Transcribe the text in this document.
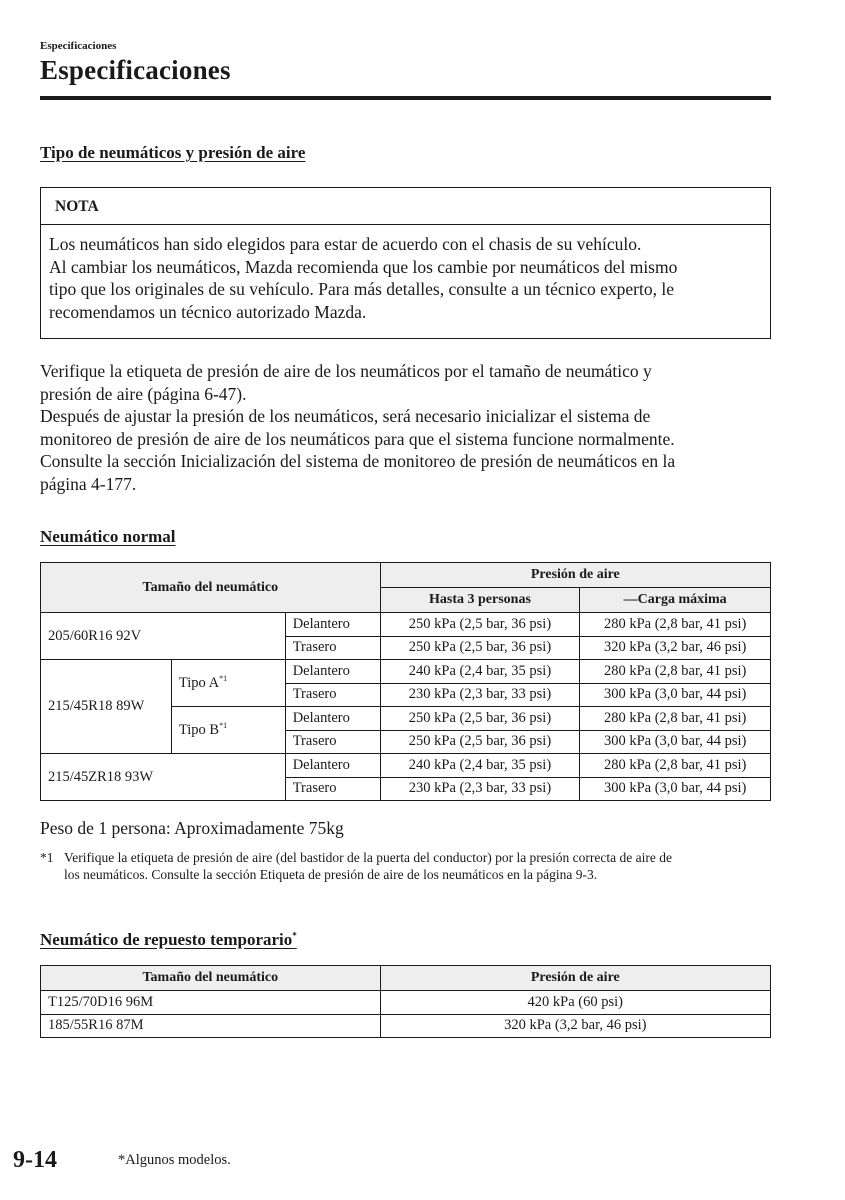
Especificaciones
Especificaciones
Tipo de neumáticos y presión de aire
NOTA
Los neumáticos han sido elegidos para estar de acuerdo con el chasis de su vehículo.
Al cambiar los neumáticos, Mazda recomienda que los cambie por neumáticos del mismo
tipo que los originales de su vehículo. Para más detalles, consulte a un técnico experto, le
recomendamos un técnico autorizado Mazda.
Verifique la etiqueta de presión de aire de los neumáticos por el tamaño de neumático y
presión de aire (página 6-47).
Después de ajustar la presión de los neumáticos, será necesario inicializar el sistema de
monitoreo de presión de aire de los neumáticos para que el sistema funcione normalmente.
Consulte la sección Inicialización del sistema de monitoreo de presión de neumáticos en la
página 4-177.
Neumático normal
Tamaño del neumático			Presión de aire	
			Hasta 3 personas	—Carga máxima
205/60R16 92V		Delantero	250 kPa (2,5 bar, 36 psi)	280 kPa (2,8 bar, 41 psi)
		Trasero	250 kPa (2,5 bar, 36 psi)	320 kPa (3,2 bar, 46 psi)
215/45R18 89W	Tipo A$^{*1}$	Delantero	240 kPa (2,4 bar, 35 psi)	280 kPa (2,8 bar, 41 psi)
		Trasero	230 kPa (2,3 bar, 33 psi)	300 kPa (3,0 bar, 44 psi)
	Tipo B$^{*1}$	Delantero	250 kPa (2,5 bar, 36 psi)	280 kPa (2,8 bar, 41 psi)
		Trasero	250 kPa (2,5 bar, 36 psi)	300 kPa (3,0 bar, 44 psi)
215/45ZR18 93W		Delantero	240 kPa (2,4 bar, 35 psi)	280 kPa (2,8 bar, 41 psi)
		Trasero	230 kPa (2,3 bar, 33 psi)	300 kPa (3,0 bar, 44 psi)
Peso de 1 persona: Aproximadamente 75kg
*1 Verifique la etiqueta de presión de aire (del bastidor de la puerta del conductor) por la presión correcta de aire de
los neumáticos. Consulte la sección Etiqueta de presión de aire de los neumáticos en la página 9-3.
Neumático de repuesto temporario*
Tamaño del neumático	Presión de aire
T125/70D16 96M	420 kPa (60 psi)
185/55R16 87M	320 kPa (3,2 bar, 46 psi)
9-14	*Algunos modelos.
